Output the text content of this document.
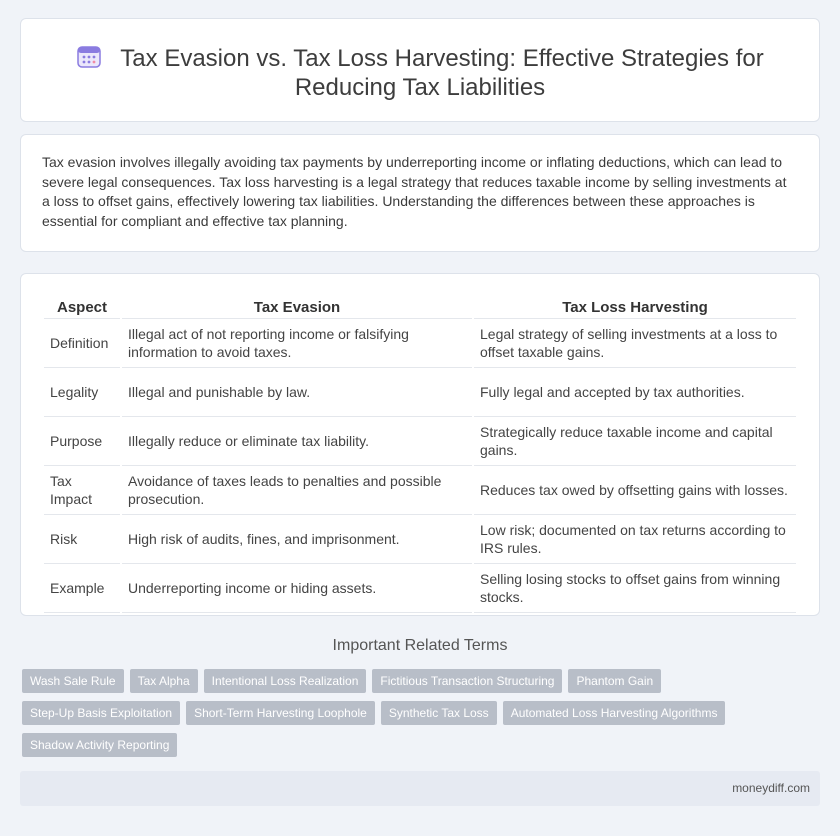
Tax Evasion vs. Tax Loss Harvesting: Effective Strategies for
Reducing Tax Liabilities

Tax evasion involves illegally avoiding tax payments by underreporting income or inflating deductions, which can lead to severe legal consequences. Tax loss harvesting is a legal strategy that reduces taxable income by selling investments at a loss to offset gains, effectively lowering tax liabilities. Understanding the differences between these approaches is essential for compliant and effective tax planning.

Aspect	Tax Evasion	Tax Loss Harvesting
Definition	Illegal act of not reporting income or falsifying information to avoid taxes.	Legal strategy of selling investments at a loss to offset taxable gains.
Legality	Illegal and punishable by law.	Fully legal and accepted by tax authorities.
Purpose	Illegally reduce or eliminate tax liability.	Strategically reduce taxable income and capital gains.
Tax Impact	Avoidance of taxes leads to penalties and possible prosecution.	Reduces tax owed by offsetting gains with losses.
Risk	High risk of audits, fines, and imprisonment.	Low risk; documented on tax returns according to IRS rules.
Example	Underreporting income or hiding assets.	Selling losing stocks to offset gains from winning stocks.
Important Related Terms
Wash Sale Rule	Tax Alpha	Intentional Loss Realization	Fictitious Transaction Structuring	Phantom Gain
Step-Up Basis Exploitation	Short-Term Harvesting Loophole	Synthetic Tax Loss	Automated Loss Harvesting Algorithms
Shadow Activity Reporting
moneydiff.com
